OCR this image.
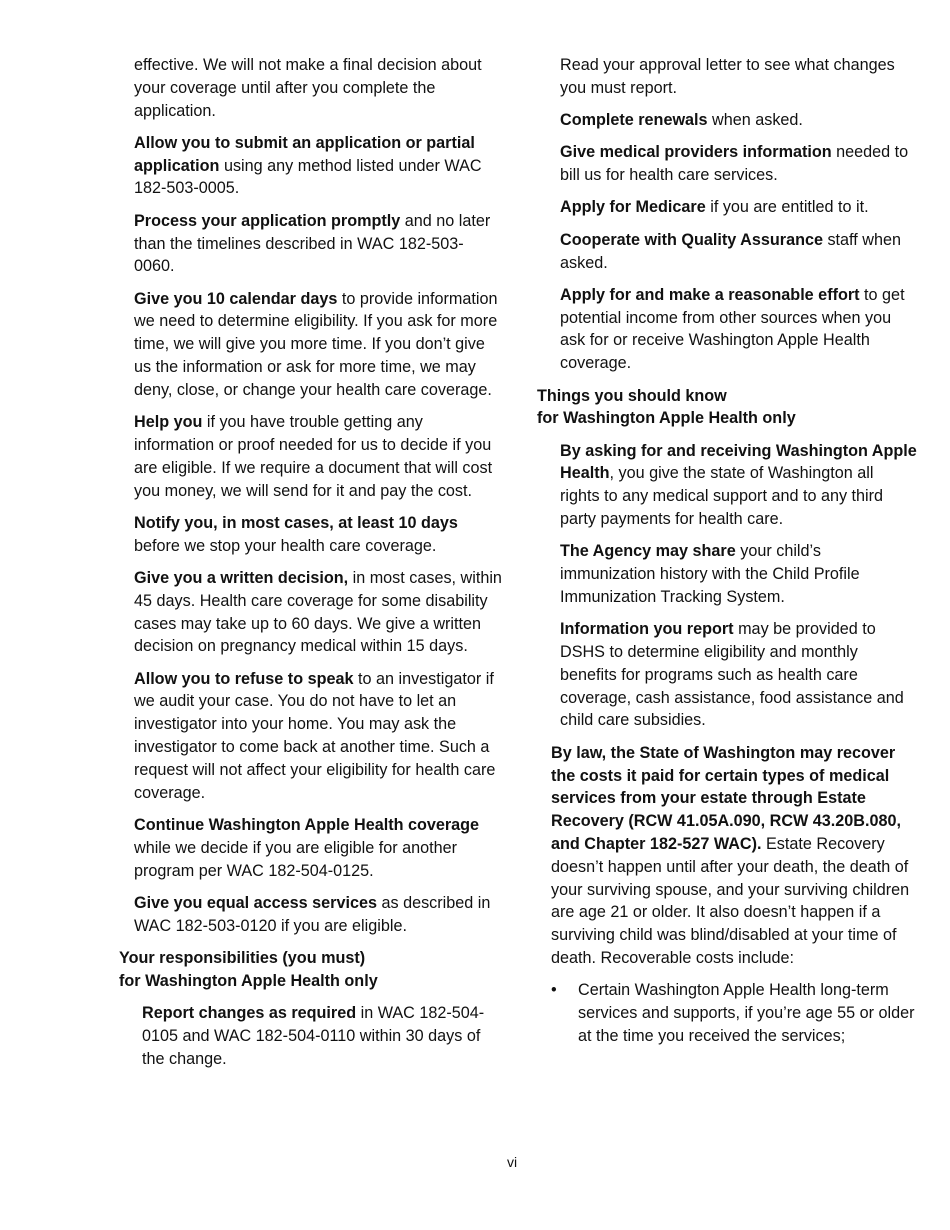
effective. We will not make a final decision about your coverage until after you complete the application.

Allow you to submit an application or partial application using any method listed under WAC 182-503-0005.

Process your application promptly and no later than the timelines described in WAC 182-503-0060.

Give you 10 calendar days to provide information we need to determine eligibility. If you ask for more time, we will give you more time. If you don’t give us the information or ask for more time, we may deny, close, or change your health care coverage.

Help you if you have trouble getting any information or proof needed for us to decide if you are eligible. If we require a document that will cost you money, we will send for it and pay the cost.

Notify you, in most cases, at least 10 days before we stop your health care coverage.

Give you a written decision, in most cases, within 45 days. Health care coverage for some disability cases may take up to 60 days. We give a written decision on pregnancy medical within 15 days.

Allow you to refuse to speak to an investigator if we audit your case. You do not have to let an investigator into your home. You may ask the investigator to come back at another time. Such a request will not affect your eligibility for health care coverage.

Continue Washington Apple Health coverage while we decide if you are eligible for another program per WAC 182-504-0125.

Give you equal access services as described in WAC 182-503-0120 if you are eligible.

Your responsibilities (you must)
for Washington Apple Health only

Report changes as required in WAC 182-504-0105 and WAC 182-504-0110 within 30 days of the change.

Read your approval letter to see what changes you must report.

Complete renewals when asked.

Give medical providers information needed to bill us for health care services.

Apply for Medicare if you are entitled to it.

Cooperate with Quality Assurance staff when asked.

Apply for and make a reasonable effort to get potential income from other sources when you ask for or receive Washington Apple Health coverage.

Things you should know
for Washington Apple Health only

By asking for and receiving Washington Apple Health, you give the state of Washington all rights to any medical support and to any third party payments for health care.

The Agency may share your child’s immunization history with the Child Profile Immunization Tracking System.

Information you report may be provided to DSHS to determine eligibility and monthly benefits for programs such as health care coverage, cash assistance, food assistance and child care subsidies.

By law, the State of Washington may recover the costs it paid for certain types of medical services from your estate through Estate Recovery (RCW 41.05A.090, RCW 43.20B.080, and Chapter 182-527 WAC). Estate Recovery doesn’t happen until after your death, the death of your surviving spouse, and your surviving children are age 21 or older. It also doesn’t happen if a surviving child was blind/disabled at your time of death. Recoverable costs include:

• Certain Washington Apple Health long-term services and supports, if you’re age 55 or older at the time you received the services;
vi
